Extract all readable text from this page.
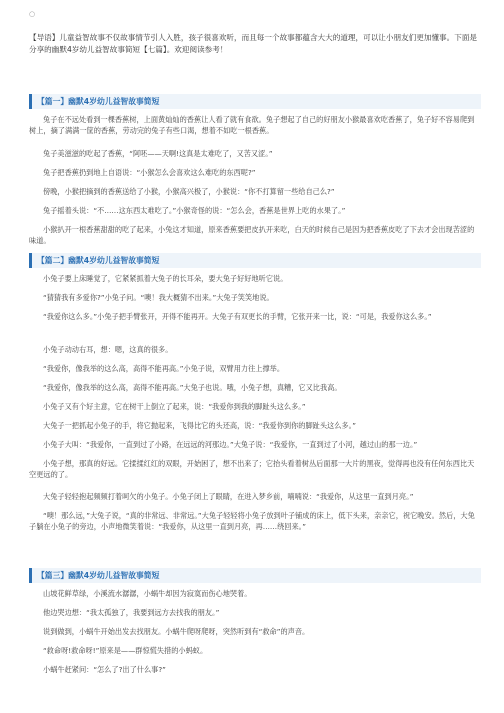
○
【导语】儿童益智故事不仅故事情节引人入胜，孩子很喜欢听，而且每一个故事都蕴含大大的道理，可以让小朋友们更加懂事。下面是分享的幽默4岁幼儿益智故事简短【七篇】。欢迎阅读参考！
【篇一】幽默4岁幼儿益智故事简短

兔子在不远处看到一棵香蕉树，上面黄灿灿的香蕉让人看了就有食欲。兔子想起了自己的好朋友小猴最喜欢吃香蕉了，兔子好不容易爬到树上，摘了满满一筐的香蕉，劳动完的兔子有些口渴，想着不如吃一根香蕉。

兔子美滋滋的吃起了香蕉，“阿呸——天啊!这真是太难吃了，又苦又涩。”

兔子把香蕉扔到地上自语说：“小猴怎么会喜欢这么难吃的东西呢?”

傍晚，小猴把摘到的香蕉送给了小猴，小猴高兴极了，小猴说：“你不打算留一些给自己么?”

兔子摇着头说：“不……这东西太难吃了。”小猴奇怪的说：“怎么会，香蕉是世界上吃的水果了。”

小猴扒开一根香蕉甜甜的吃了起来，小兔这才知道，原来香蕉要把皮扒开来吃，白天的时候自己是因为把香蕉皮吃了下去才会出现苦涩的味道。

【篇二】幽默4岁幼儿益智故事简短

小兔子要上床睡觉了，它紧紧抓着大兔子的长耳朵，要大兔子好好地听它说。

“猜猜我有多爱你?”小兔子问。“噢！我大概猜不出来。”大兔子笑笑地说。

“我爱你这么多。”小兔子把手臂张开，开得不能再开。大兔子有双更长的手臂，它张开来一比，说：“可是，我爱你这么多。”

小兔子动动右耳，想：嗯，这真的很多。

“我爱你，像我举的这么高，高得不能再高。”小兔子说，双臂用力往上撑举。

“我爱你，像我举的这么高，高得不能再高。”大兔子也说。哦，小兔子想，真糟，它又比我高。

小兔子又有个好主意，它在树干上倒立了起来，说：“我爱你到我的脚趾头这么多。”

大兔子一把抓起小兔子的手，将它抛起来，飞得比它的头还高，说：“我爱你到你的脚趾头这么多。”

小兔子大叫：“我爱你，一直到过了小路，在远远的河那边。”大兔子说：“我爱你，一直到过了小河，越过山的那一边。”

小兔子想，那真的好远。它揉揉红红的双眼，开始困了，想不出来了；它抬头看着树丛后面那一大片的黑夜，觉得再也没有任何东西比天空更远的了。

大兔子轻轻抱起频频打着呵欠的小兔子。小兔子闭上了眼睛，在进入梦乡前，喃喃说：“我爱你，从这里一直到月亮。”

“噢！那么远，”大兔子说，“真的非常远、非常远。”大兔子轻轻将小兔子放到叶子铺成的床上，低下头来，亲亲它，祝它晚安。然后，大兔子躺在小兔子的旁边，小声地微笑着说：“我爱你，从这里一直到月亮，再……绕回来。”

【篇三】幽默4岁幼儿益智故事简短

山坡花鲜草绿，小溪流水潺潺，小蜗牛却因为寂寞而伤心地哭着。

他边哭边想：“我太孤独了，我要到远方去找我的朋友。”

说到做到，小蜗牛开始出发去找朋友。小蜗牛爬呀爬呀，突然听到有“救命”的声音。

“救命呀!救命呀!”原来是——群惊慌失措的小蚂蚁。

小蜗牛赶紧问：“怎么了?出了什么事?”
